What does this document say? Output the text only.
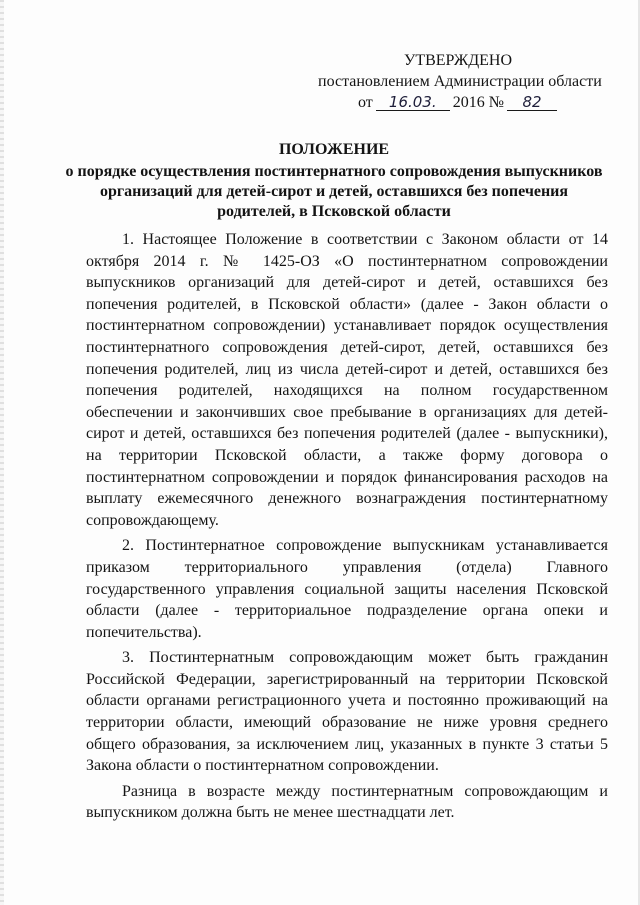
УТВЕРЖДЕНО
постановлением Администрации области
от 16.03. 2016 № 82
ПОЛОЖЕНИЕ
о порядке осуществления постинтернатного сопровождения выпускников
организаций для детей-сирот и детей, оставшихся без попечения
родителей, в Псковской области

1. Настоящее Положение в соответствии с Законом области от 14 октября 2014 г. № 1425-ОЗ «О постинтернатном сопровождении выпускников организаций для детей-сирот и детей, оставшихся без попечения родителей, в Псковской области» (далее - Закон области о постинтернатном сопровождении) устанавливает порядок осуществления постинтернатного сопровождения детей-сирот, детей, оставшихся без попечения родителей, лиц из числа детей-сирот и детей, оставшихся без попечения родителей, находящихся на полном государственном обеспечении и закончивших свое пребывание в организациях для детей-сирот и детей, оставшихся без попечения родителей (далее - выпускники), на территории Псковской области, а также форму договора о постинтернатном сопровождении и порядок финансирования расходов на выплату ежемесячного денежного вознаграждения постинтернатному сопровождающему.

2. Постинтернатное сопровождение выпускникам устанавливается приказом территориального управления (отдела) Главного государственного управления социальной защиты населения Псковской области (далее - территориальное подразделение органа опеки и попечительства).

3. Постинтернатным сопровождающим может быть гражданин Российской Федерации, зарегистрированный на территории Псковской области органами регистрационного учета и постоянно проживающий на территории области, имеющий образование не ниже уровня среднего общего образования, за исключением лиц, указанных в пункте 3 статьи 5 Закона области о постинтернатном сопровождении.

Разница в возрасте между постинтернатным сопровождающим и выпускником должна быть не менее шестнадцати лет.
